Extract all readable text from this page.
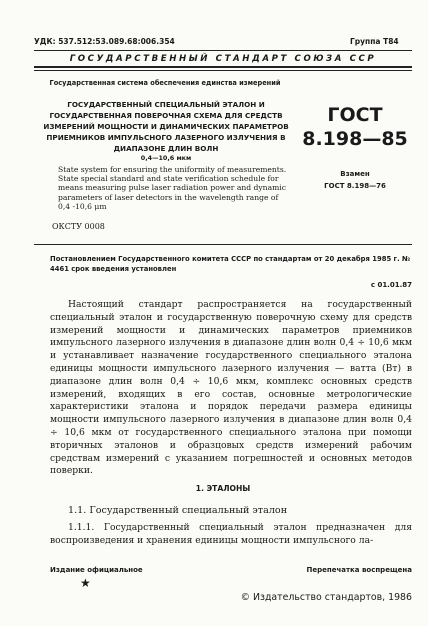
УДК: 537.512:53.089.68:006.354	Группа Т84
ГОСУДАРСТВЕННЫЙ СТАНДАРТ СОЮЗА ССР
Государственная система обеспечения единства измерений
ГОСУДАРСТВЕННЫЙ СПЕЦИАЛЬНЫЙ ЭТАЛОН И ГОСУДАРСТВЕННАЯ ПОВЕРОЧНАЯ СХЕМА ДЛЯ СРЕДСТВ ИЗМЕРЕНИЙ МОЩНОСТИ И ДИНАМИЧЕСКИХ ПАРАМЕТРОВ ПРИЕМНИКОВ ИМПУЛЬСНОГО ЛАЗЕРНОГО ИЗЛУЧЕНИЯ В ДИАПАЗОНЕ ДЛИН ВОЛН
0,4—10,6 мкм
State system for ensuring the uniformity of measurements. State special standard and state verification schedule for means measuring pulse laser radiation power and dynamic parameters of laser detectors in the wavelength range of 0,4 -10,6 μm
ГОСТ
8.198—85
Взамен
ГОСТ 8.198—76
ОКСТУ 0008
Постановлением Государственного комитета СССР по стандартам от 20 декабря 1985 г. № 4461 срок введения установлен
с 01.01.87

Настоящий стандарт распространяется на государственный специальный эталон и государственную поверочную схему для средств измерений мощности и динамических параметров приемников импульсного лазерного излучения в диапазоне длин волн 0,4 ÷ 10,6 мкм и устанавливает назначение государственного специального эталона единицы мощности импульсного лазерного излучения — ватта (Вт) в диапазоне длин волн 0,4 ÷ 10,6 мкм, комплекс основных средств измерений, входящих в его состав, основные метрологические характеристики эталона и порядок передачи размера единицы мощности импульсного лазерного излучения в диапазоне длин волн 0,4 ÷ 10,6 мкм от государственного специального эталона при помощи вторичных эталонов и образцовых средств измерений рабочим средствам измерений с указанием погрешностей и основных методов поверки.

1. ЭТАЛОНЫ
1.1. Государственный специальный эталон

1.1.1. Государственный специальный эталон предназначен для воспроизведения и хранения единицы мощности импульсного ла-

Издание официальное	Перепечатка воспрещена
★
© Издательство стандартов, 1986
